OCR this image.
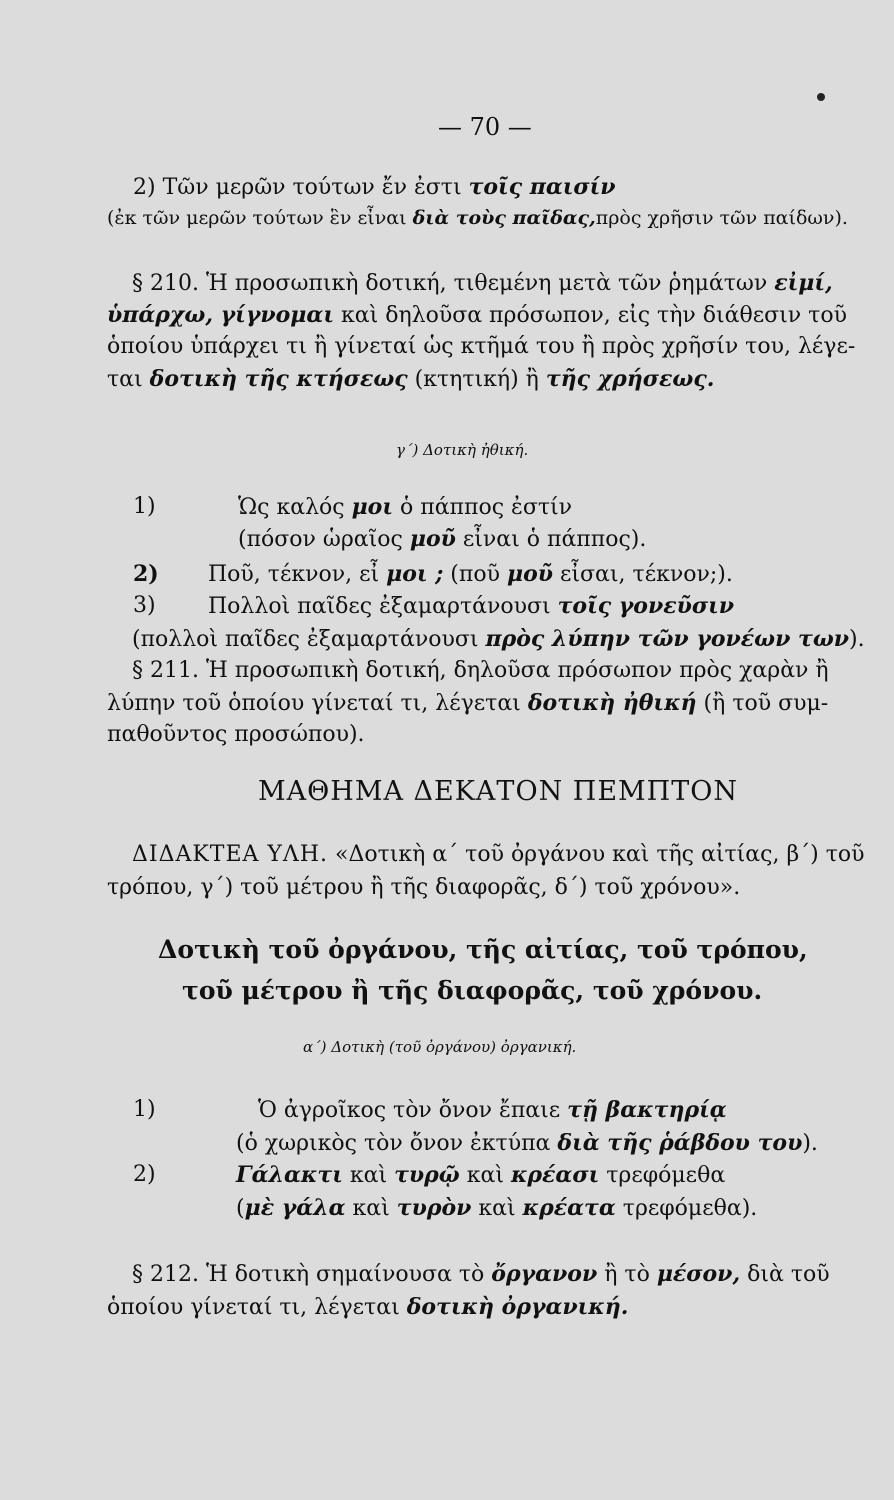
— 70 —
2) Τῶν μερῶν τούτων ἔν ἐστι τοῖς παισίν
(ἐκ τῶν μερῶν τούτων ἓν εἶναι διὰ τοὺς παῖδας,πρὸς χρῆσιν τῶν παίδων).
§ 210. Ἡ προσωπικὴ δοτική, τιθεμένη μετὰ τῶν ῥημάτων εἰμί,
ὑπάρχω, γίγνομαι καὶ δηλοῦσα πρόσωπον, εἰς τὴν διάθεσιν τοῦ
ὁποίου ὑπάρχει τι ἢ γίνεταί ὡς κτῆμά του ἢ πρὸς χρῆσίν του, λέγε-
ται δοτικὴ τῆς κτήσεως (κτητική) ἢ τῆς χρήσεως.
γ΄) Δοτικὴ ἠθική.
1)	Ὡς καλός μοι ὁ πάππος ἐστίν
(πόσον ὡραῖος μοῦ εἶναι ὁ πάππος).
2) Ποῦ, τέκνον, εἶ μοι ; (ποῦ μοῦ εἶσαι, τέκνον;).
3) Πολλοὶ παῖδες ἐξαμαρτάνουσι τοῖς γονεῦσιν
(πολλοὶ παῖδες ἐξαμαρτάνουσι πρὸς λύπην τῶν γονέων των).
§ 211. Ἡ προσωπικὴ δοτική, δηλοῦσα πρόσωπον πρὸς χαρὰν ἢ
λύπην τοῦ ὁποίου γίνεταί τι, λέγεται δοτικὴ ἠθική (ἢ τοῦ συμ-
παθοῦντος προσώπου).
ΜΑΘΗΜΑ ΔΕΚΑΤΟΝ ΠΕΜΠΤΟΝ
ΔΙΔΑΚΤΕΑ ΥΛΗ. «Δοτικὴ α΄ τοῦ ὀργάνου καὶ τῆς αἰτίας, β΄) τοῦ
τρόπου, γ΄) τοῦ μέτρου ἢ τῆς διαφορᾶς, δ΄) τοῦ χρόνου».
Δοτικὴ τοῦ ὀργάνου, τῆς αἰτίας, τοῦ τρόπου,
τοῦ μέτρου ἢ τῆς διαφορᾶς, τοῦ χρόνου.
α΄) Δοτικὴ (τοῦ ὀργάνου) ὀργανική.
1)	Ὁ ἀγροῖκος τὸν ὄνον ἔπαιε τῇ βακτηρίᾳ
(ὁ χωρικὸς τὸν ὄνον ἐκτύπα διὰ τῆς ῥάβδου του).
2)	Γάλακτι καὶ τυρῷ καὶ κρέασι τρεφόμεθα
(μὲ γάλα καὶ τυρὸν καὶ κρέατα τρεφόμεθα).
§ 212. Ἡ δοτικὴ σημαίνουσα τὸ ὄργανον ἢ τὸ μέσον, διὰ τοῦ
ὁποίου γίνεταί τι, λέγεται δοτικὴ ὀργανική.
